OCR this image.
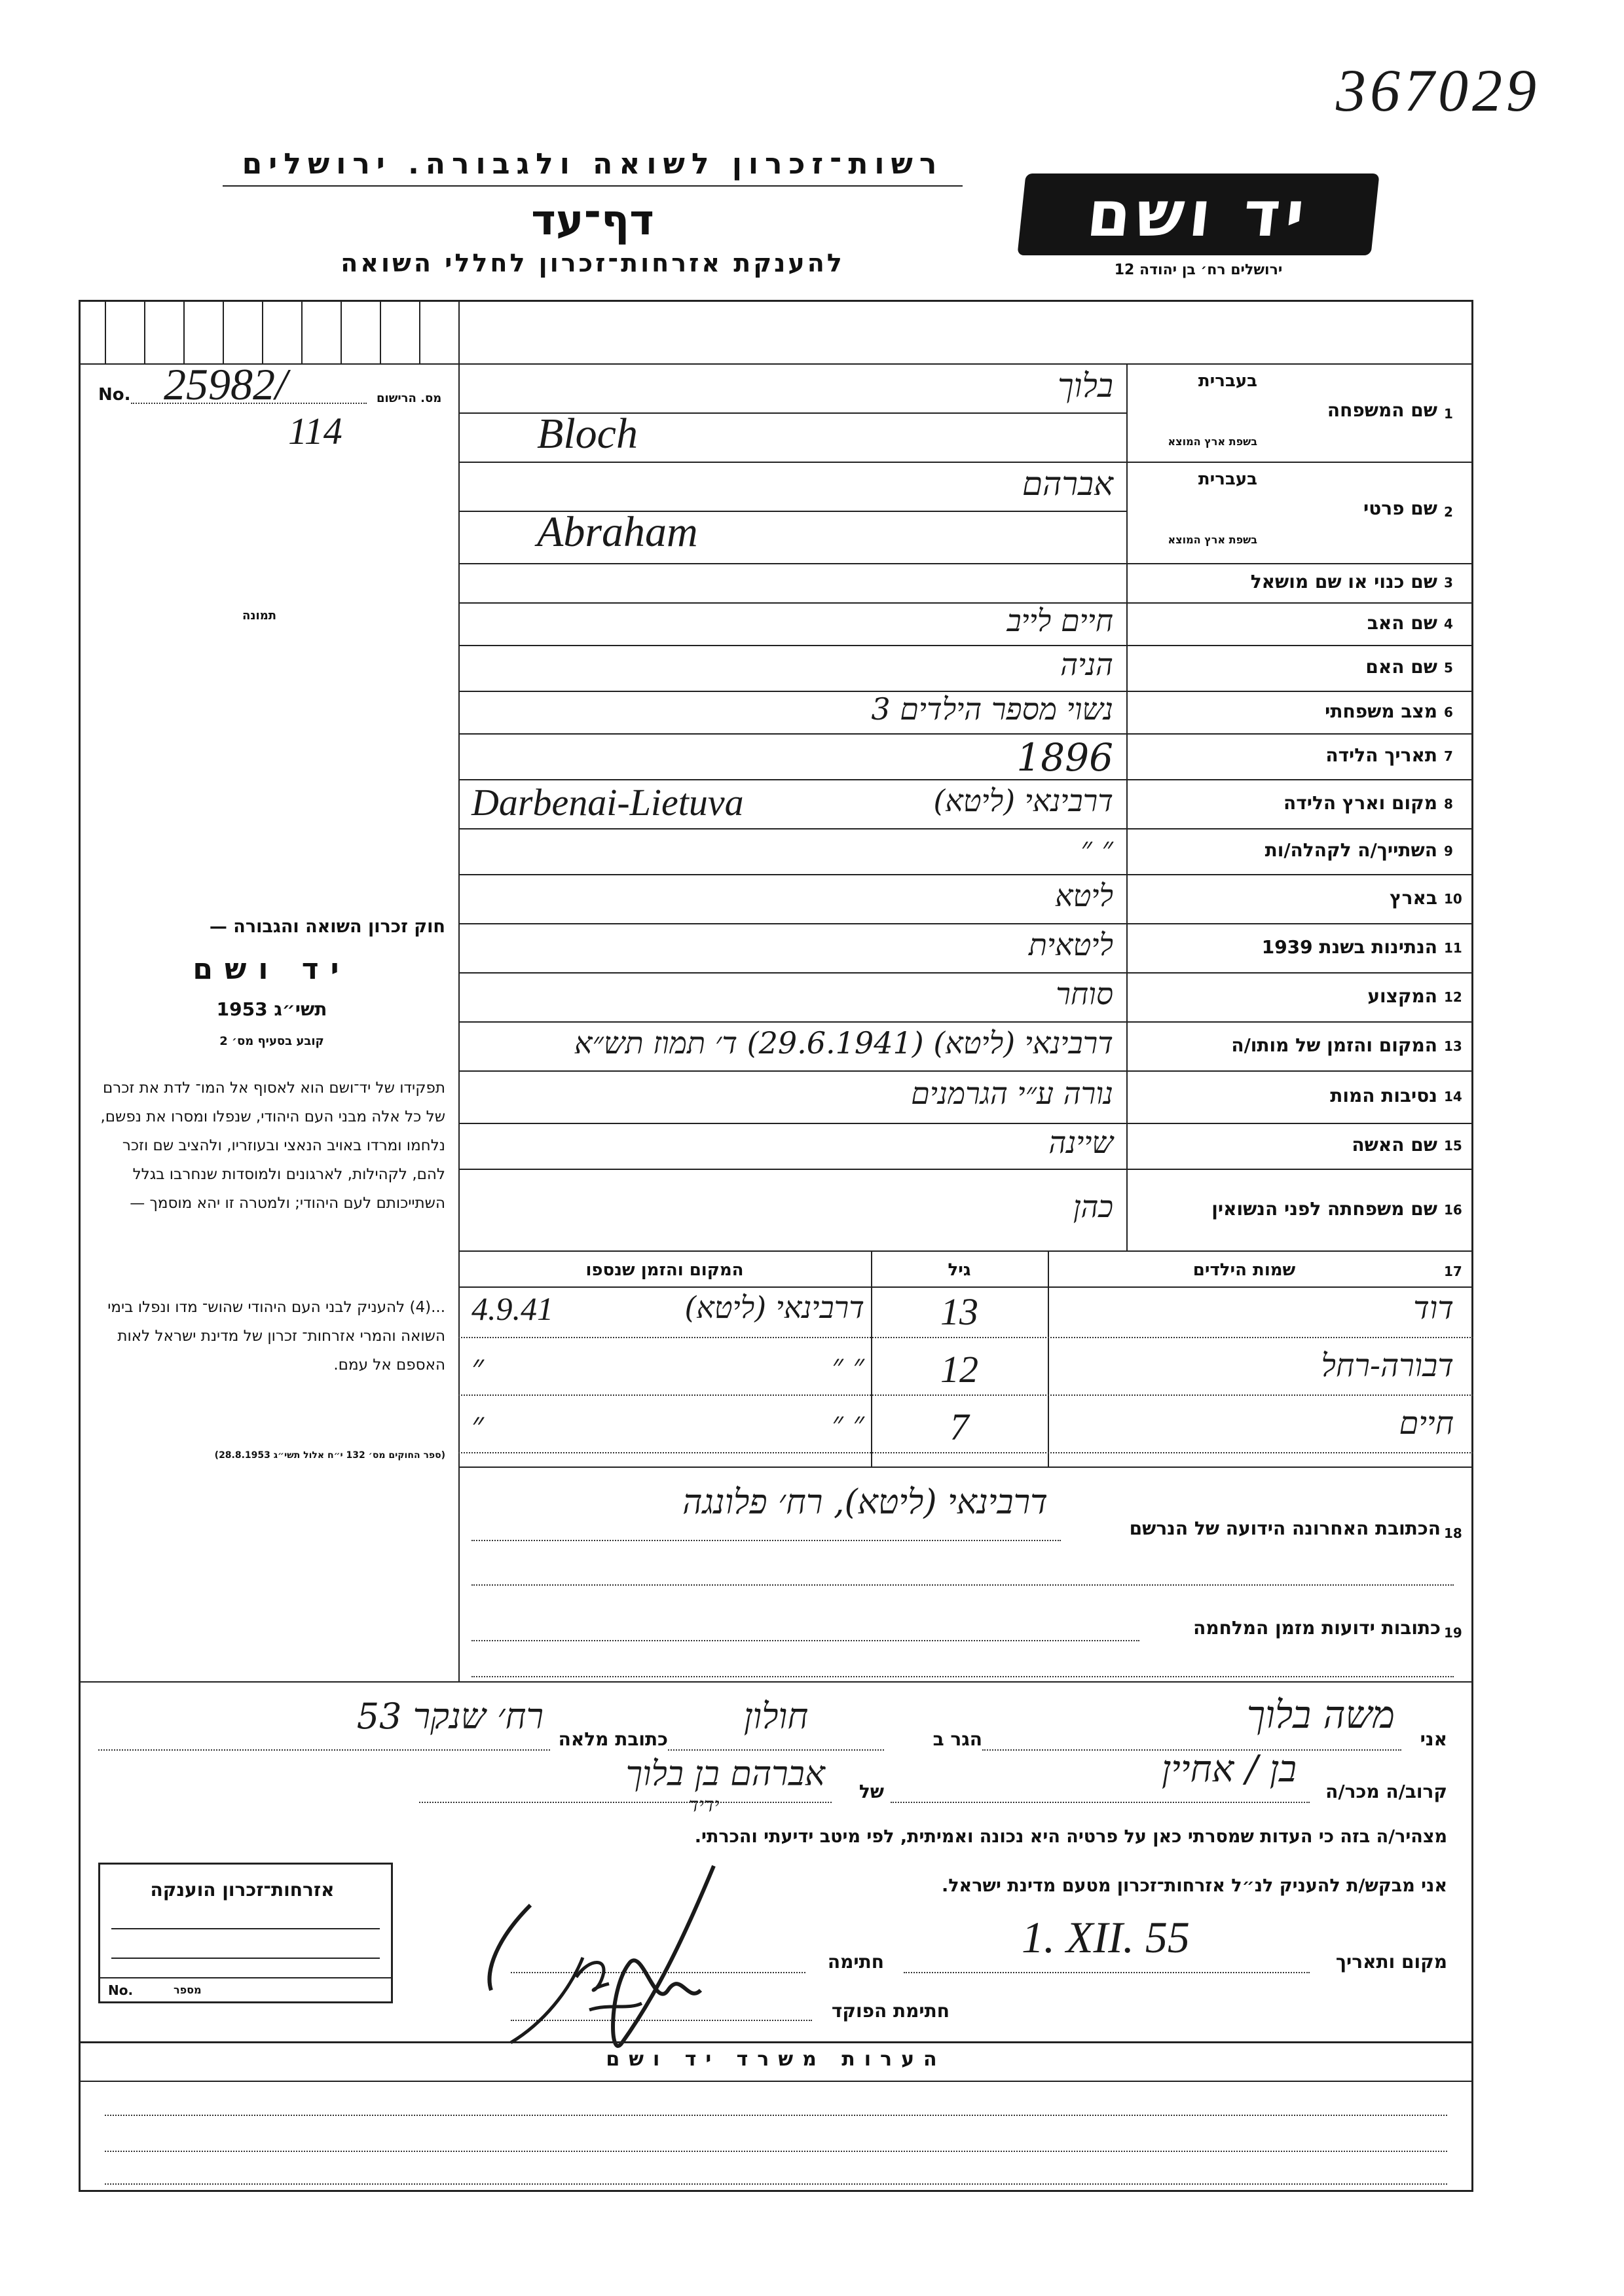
367029
רשות־זכרון לשואה ולגבורה. ירושלים
דף־עד
להענקת אזרחות־זכרון לחללי השואה
יד ושם
ירושלים רח׳ בן יהודה 12
No. 25982/	מס. הרישום
114
תמונה
1
שם המשפחה
בעברית
בשפת ארץ המוצא
בלוך
Bloch
2
שם פרטי
בעברית
בשפת ארץ המוצא
אברהם
Abraham
3
שם כנוי או שם מושאל
4
שם האב
חיים לייב
5
שם האם
הניה
6
מצב משפחתי
נשוי מספר הילדים 3
7
תאריך הלידה
1896
8
מקום וארץ הלידה
דרבינאי (ליטא)
Darbenai-Lietuva
9
השתייך/ה לקהלה/ות
״ ״
10
בארץ
ליטא
11
הנתינות בשנת 1939
ליטאית
12
המקצוע
סוחר
13
המקום והזמן של מותו/ה
דרבינאי (ליטא) (29.6.1941) ד׳ תמוז תש״א
14
נסיבות המות
נורה ע״י הגרמנים
15
שם האשה
שיינה
16
שם משפחתה לפני הנשואין
כהן
חוק זכרון השואה והגבורה —
יד ושם
תשי״ג 1953
קובע בסעיף מס׳ 2
תפקידו של יד־ושם הוא לאסוף אל המו־ לדת את זכרם של כל אלה מבני העם היהודי, שנפלו ומסרו את נפשם, נלחמו ומרדו באויב הנאצי ובעוזריו, ולהציב שם וזכר להם, לקהילות, לארגונים ולמוסדות שנחרבו בגלל השתייכותם לעם היהודי; ולמטרה זו יהא מוסמך —
...(4) להעניק לבני העם היהודי שהוש־ מדו ונפלו בימי השואה והמרי אזרחות־ זכרון של מדינת ישראל לאות האספם אל עמם.
(ספר החוקים מס׳ 132 י״ח אלול תשי״ג 28.8.1953)
17
שמות הילדים
גיל
המקום והזמן שנספו
דוד
13
דרבינאי (ליטא)
4.9.41
דבורה-רחל
12
״ ״
״
חיים
7
״ ״
״
18
הכתובת האחרונה הידועה של הנרשם
דרבינאי (ליטא), רח׳ פלונגה
19
כתובות ידועות מזמן המלחמה
אני
משה בלוך
הגר ב
חולון
כתובת מלאה
רח׳ שנקר 53
קרוב/ה מכר/ה
בן / אחיין
של
אברהם בן בלוך
ידיד
מצהיר/ה בזה כי העדות שמסרתי כאן על פרטיה היא נכונה ואמיתית, לפי מיטב ידיעתי והכרתי.
אני מבקש/ת להעניק לנ״ל אזרחות־זכרון מטעם מדינת ישראל.
מקום ותאריך
1. XII. 55
חתימה
חתימת הפוקד
אזרחות־זכרון הוענקה
No.	מספר
הערות משרד יד ושם
